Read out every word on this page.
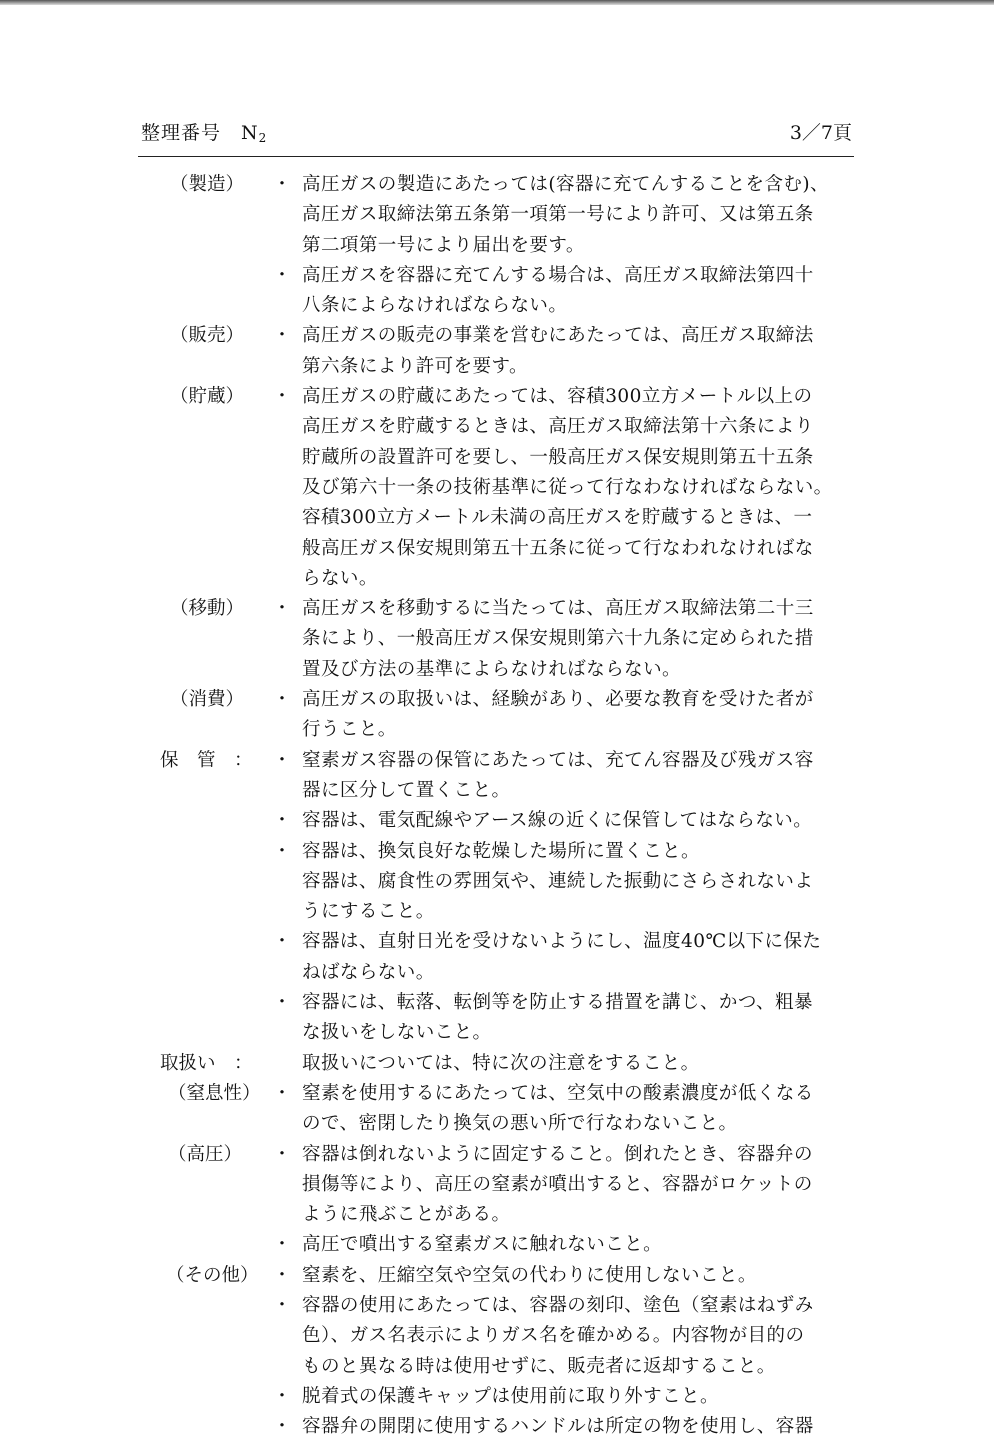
整理番号　$N_2$	3／7頁
（製造）	・ 高圧ガスの製造にあたっては(容器に充てんすることを含む)、
高圧ガス取締法第五条第一項第一号により許可、又は第五条
第二項第一号により届出を要す。
・ 高圧ガスを容器に充てんする場合は、高圧ガス取締法第四十
八条によらなければならない。
（販売）	・ 高圧ガスの販売の事業を営むにあたっては、高圧ガス取締法
第六条により許可を要す。
（貯蔵）	・ 高圧ガスの貯蔵にあたっては、容積300立方メートル以上の
高圧ガスを貯蔵するときは、高圧ガス取締法第十六条により
貯蔵所の設置許可を要し、一般高圧ガス保安規則第五十五条
及び第六十一条の技術基準に従って行なわなければならない。
容積300立方メートル未満の高圧ガスを貯蔵するときは、一
般高圧ガス保安規則第五十五条に従って行なわれなければな
らない。
（移動）	・ 高圧ガスを移動するに当たっては、高圧ガス取締法第二十三
条により、一般高圧ガス保安規則第六十九条に定められた措
置及び方法の基準によらなければならない。
（消費）	・ 高圧ガスの取扱いは、経験があり、必要な教育を受けた者が
行うこと。
保　管　：	・ 窒素ガス容器の保管にあたっては、充てん容器及び残ガス容
器に区分して置くこと。
・ 容器は、電気配線やアース線の近くに保管してはならない。
・ 容器は、換気良好な乾燥した場所に置くこと。
容器は、腐食性の雰囲気や、連続した振動にさらされないよ
うにすること。
・ 容器は、直射日光を受けないようにし、温度40℃以下に保た
ねばならない。
・ 容器には、転落、転倒等を防止する措置を講じ、かつ、粗暴
な扱いをしないこと。
取扱い　：	取扱いについては、特に次の注意をすること。
（窒息性） ・ 窒素を使用するにあたっては、空気中の酸素濃度が低くなる
ので、密閉したり換気の悪い所で行なわないこと。
（高圧）	・ 容器は倒れないように固定すること。倒れたとき、容器弁の
損傷等により、高圧の窒素が噴出すると、容器がロケットの
ように飛ぶことがある。
・ 高圧で噴出する窒素ガスに触れないこと。
（その他） ・ 窒素を、圧縮空気や空気の代わりに使用しないこと。
・ 容器の使用にあたっては、容器の刻印、塗色（窒素はねずみ
色）、ガス名表示によりガス名を確かめる。内容物が目的の
ものと異なる時は使用せずに、販売者に返却すること。
・ 脱着式の保護キャップは使用前に取り外すこと。
・ 容器弁の開閉に使用するハンドルは所定の物を使用し、容器
